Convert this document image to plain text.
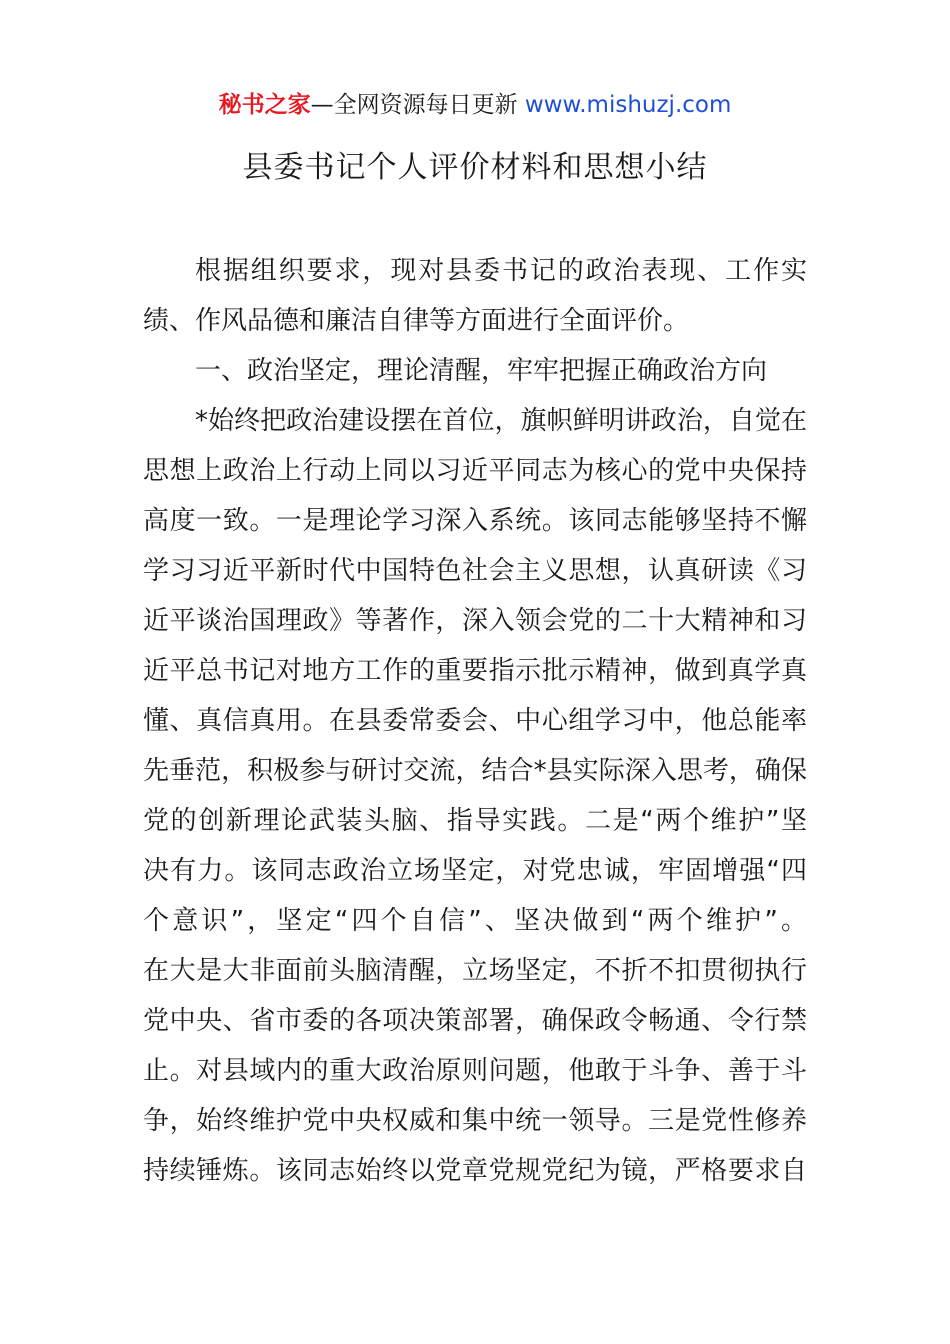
秘书之家—全网资源每日更新 www.mishuzj.com
县委书记个人评价材料和思想小结
根据组织要求，现对县委书记的政治表现、工作实
绩、作风品德和廉洁自律等方面进行全面评价。
一、政治坚定，理论清醒，牢牢把握正确政治方向
*始终把政治建设摆在首位，旗帜鲜明讲政治，自觉在
思想上政治上行动上同以习近平同志为核心的党中央保持
高度一致。一是理论学习深入系统。该同志能够坚持不懈
学习习近平新时代中国特色社会主义思想，认真研读《习
近平谈治国理政》等著作，深入领会党的二十大精神和习
近平总书记对地方工作的重要指示批示精神，做到真学真
懂、真信真用。在县委常委会、中心组学习中，他总能率
先垂范，积极参与研讨交流，结合*县实际深入思考，确保
党的创新理论武装头脑、指导实践。二是“两个维护”坚
决有力。该同志政治立场坚定，对党忠诚，牢固增强“四
个意识”，坚定“四个自信”、坚决做到“两个维护”。
在大是大非面前头脑清醒，立场坚定，不折不扣贯彻执行
党中央、省市委的各项决策部署，确保政令畅通、令行禁
止。对县域内的重大政治原则问题，他敢于斗争、善于斗
争，始终维护党中央权威和集中统一领导。三是党性修养
持续锤炼。该同志始终以党章党规党纪为镜，严格要求自
